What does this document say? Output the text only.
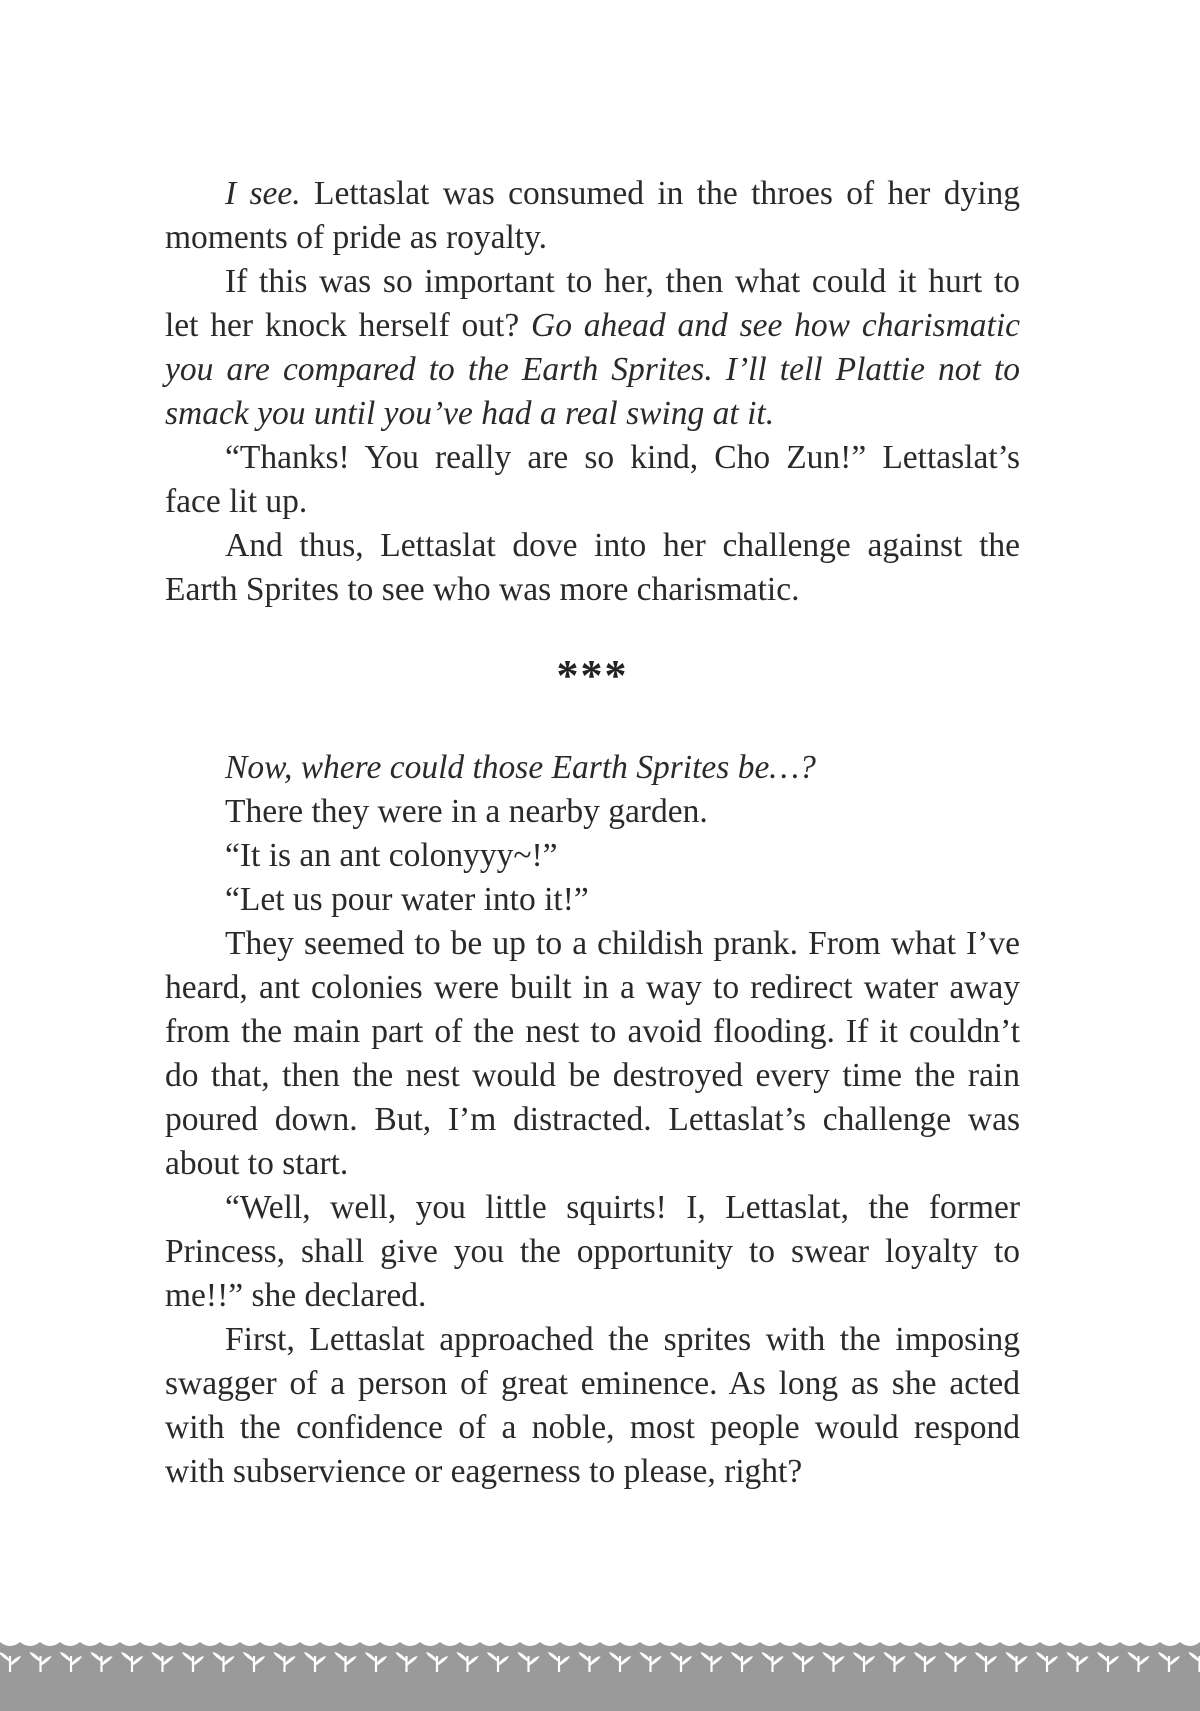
I see. Lettaslat was consumed in the throes of her dying moments of pride as royalty.

If this was so important to her, then what could it hurt to let her knock herself out? Go ahead and see how charismatic you are compared to the Earth Sprites. I’ll tell Plattie not to smack you until you’ve had a real swing at it.

“Thanks! You really are so kind, Cho Zun!” Lettaslat’s face lit up.

And thus, Lettaslat dove into her challenge against the Earth Sprites to see who was more charismatic.

***

Now, where could those Earth Sprites be…?

There they were in a nearby garden.

“It is an ant colonyyy~!”

“Let us pour water into it!”

They seemed to be up to a childish prank. From what I’ve heard, ant colonies were built in a way to redirect water away from the main part of the nest to avoid flooding. If it couldn’t do that, then the nest would be destroyed every time the rain poured down. But, I’m distracted. Lettaslat’s challenge was about to start.

“Well, well, you little squirts! I, Lettaslat, the former Princess, shall give you the opportunity to swear loyalty to me!!” she declared.

First, Lettaslat approached the sprites with the imposing swagger of a person of great eminence. As long as she acted with the confidence of a noble, most people would respond with subservience or eagerness to please, right?
